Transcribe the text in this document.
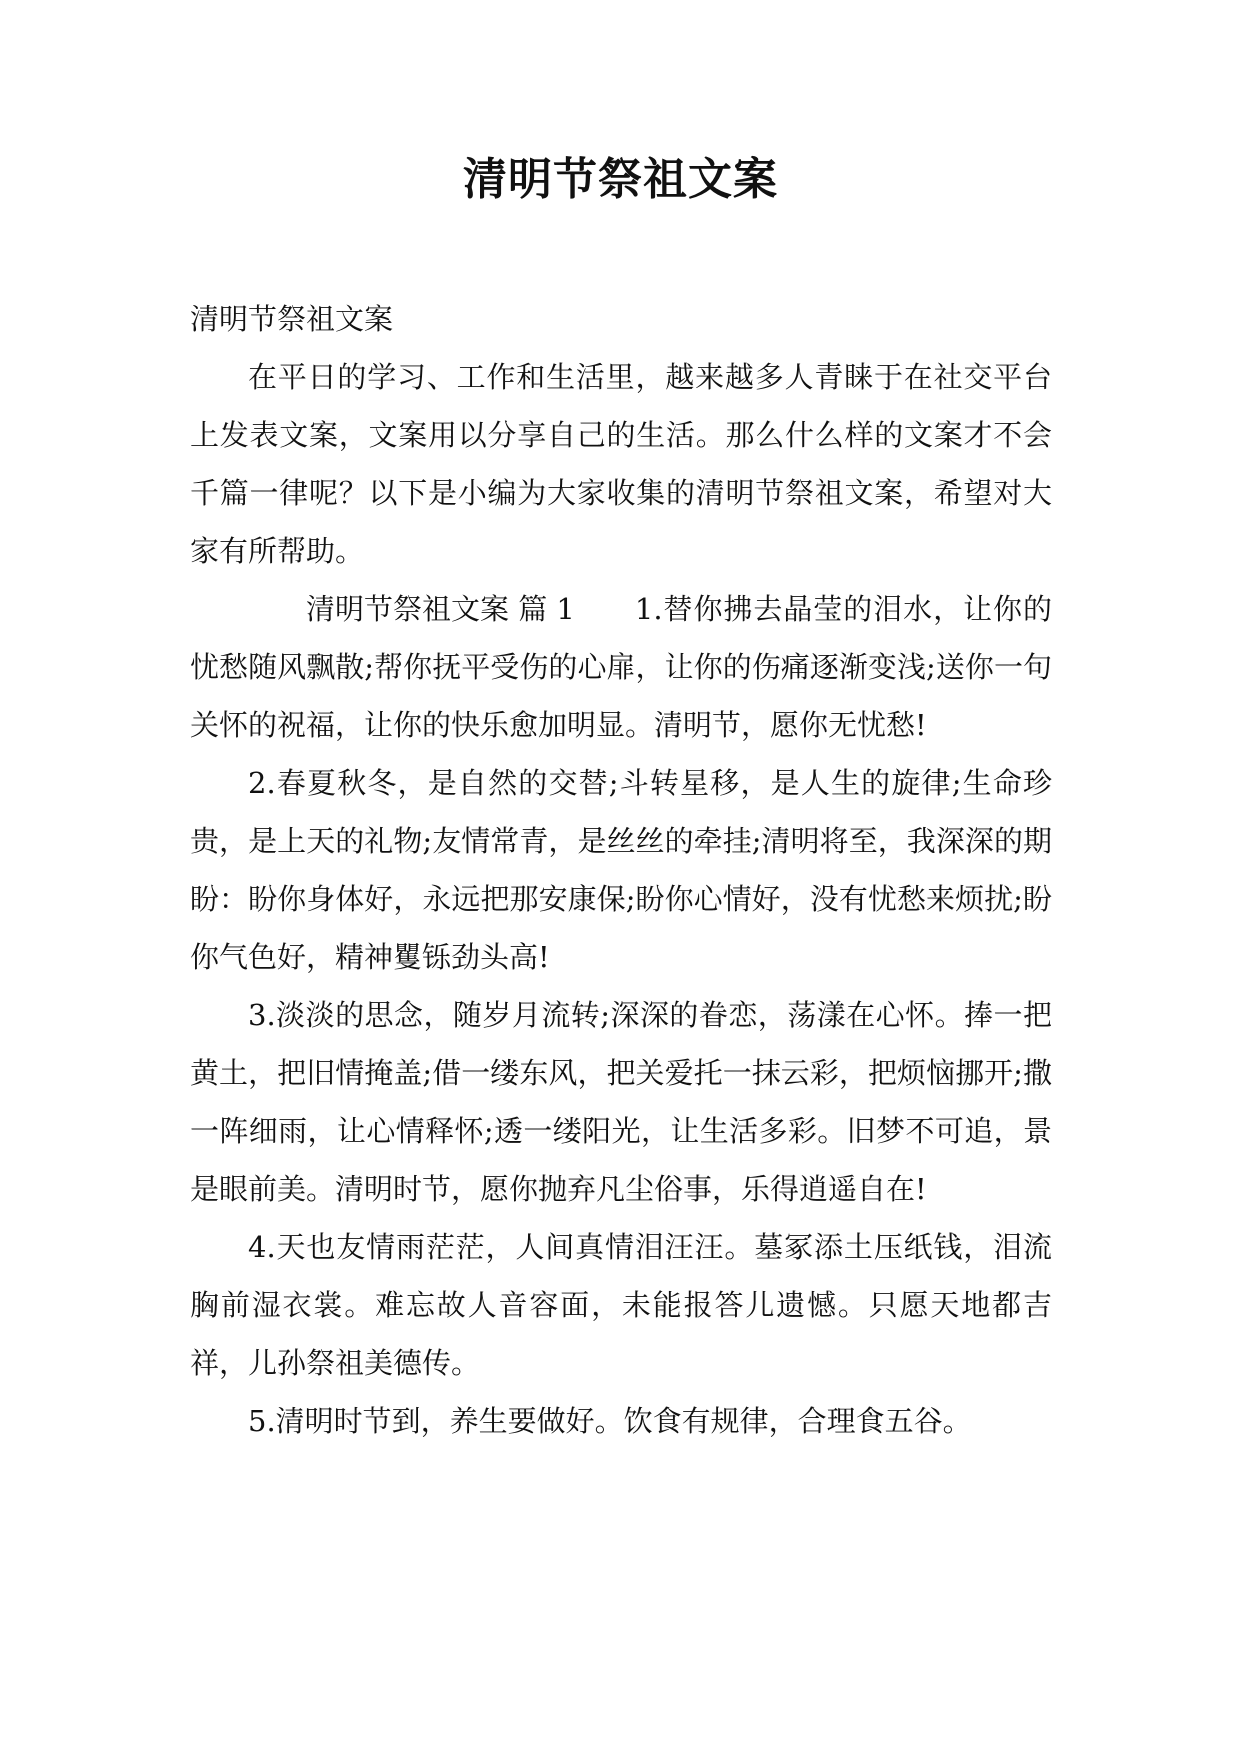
清明节祭祖文案

清明节祭祖文案

在平日的学习、工作和生活里，越来越多人青睐于在社交平台上发表文案，文案用以分享自己的生活。那么什么样的文案才不会千篇一律呢？以下是小编为大家收集的清明节祭祖文案，希望对大家有所帮助。

清明节祭祖文案 篇 1 1.替你拂去晶莹的泪水，让你的忧愁随风飘散;帮你抚平受伤的心扉，让你的伤痛逐渐变浅;送你一句关怀的祝福，让你的快乐愈加明显。清明节，愿你无忧愁!

2.春夏秋冬，是自然的交替;斗转星移，是人生的旋律;生命珍贵，是上天的礼物;友情常青，是丝丝的牵挂;清明将至，我深深的期盼：盼你身体好，永远把那安康保;盼你心情好，没有忧愁来烦扰;盼你气色好，精神矍铄劲头高!

3.淡淡的思念，随岁月流转;深深的眷恋，荡漾在心怀。捧一把黄土，把旧情掩盖;借一缕东风，把关爱托一抹云彩，把烦恼挪开;撒一阵细雨，让心情释怀;透一缕阳光，让生活多彩。旧梦不可追，景是眼前美。清明时节，愿你抛弃凡尘俗事，乐得逍遥自在!

4.天也友情雨茫茫，人间真情泪汪汪。墓冢添土压纸钱，泪流胸前湿衣裳。难忘故人音容面，未能报答儿遗憾。只愿天地都吉祥，儿孙祭祖美德传。

5.清明时节到，养生要做好。饮食有规律，合理食五谷。
